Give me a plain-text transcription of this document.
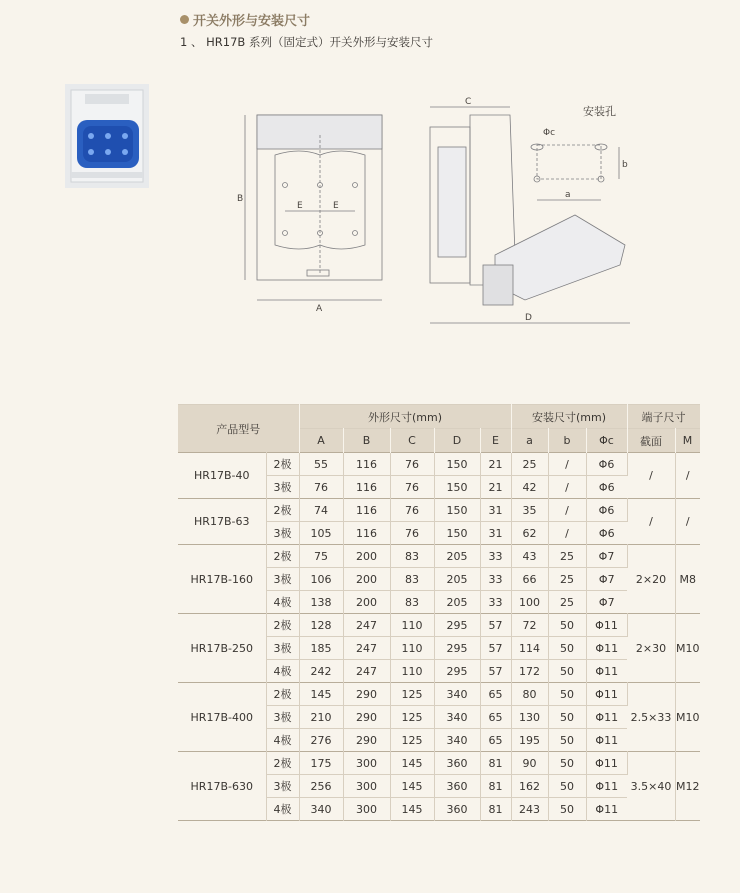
开关外形与安装尺寸
1 、 HR17B 系列（固定式）开关外形与安装尺寸
A
B
E	E
C
D
a
b
Φc
安装孔
产品型号		外形尺寸(mm)					安装尺寸(mm)			端子尺寸	
		A	B	C	D	E	a	b	Φc	截面	M
HR17B-40	2极	55	116	76	150	21	25	/	Φ6	/	/
	3极	76	116	76	150	21	42	/	Φ6		
HR17B-63	2极	74	116	76	150	31	35	/	Φ6	/	/
	3极	105	116	76	150	31	62	/	Φ6		
HR17B-160	2极	75	200	83	205	33	43	25	Φ7	2×20	M8
	3极	106	200	83	205	33	66	25	Φ7		
	4极	138	200	83	205	33	100	25	Φ7		
HR17B-250	2极	128	247	110	295	57	72	50	Φ11	2×30	M10
	3极	185	247	110	295	57	114	50	Φ11		
	4极	242	247	110	295	57	172	50	Φ11		
HR17B-400	2极	145	290	125	340	65	80	50	Φ11	2.5×33	M10
	3极	210	290	125	340	65	130	50	Φ11		
	4极	276	290	125	340	65	195	50	Φ11		
HR17B-630	2极	175	300	145	360	81	90	50	Φ11	3.5×40	M12
	3极	256	300	145	360	81	162	50	Φ11		
	4极	340	300	145	360	81	243	50	Φ11		
